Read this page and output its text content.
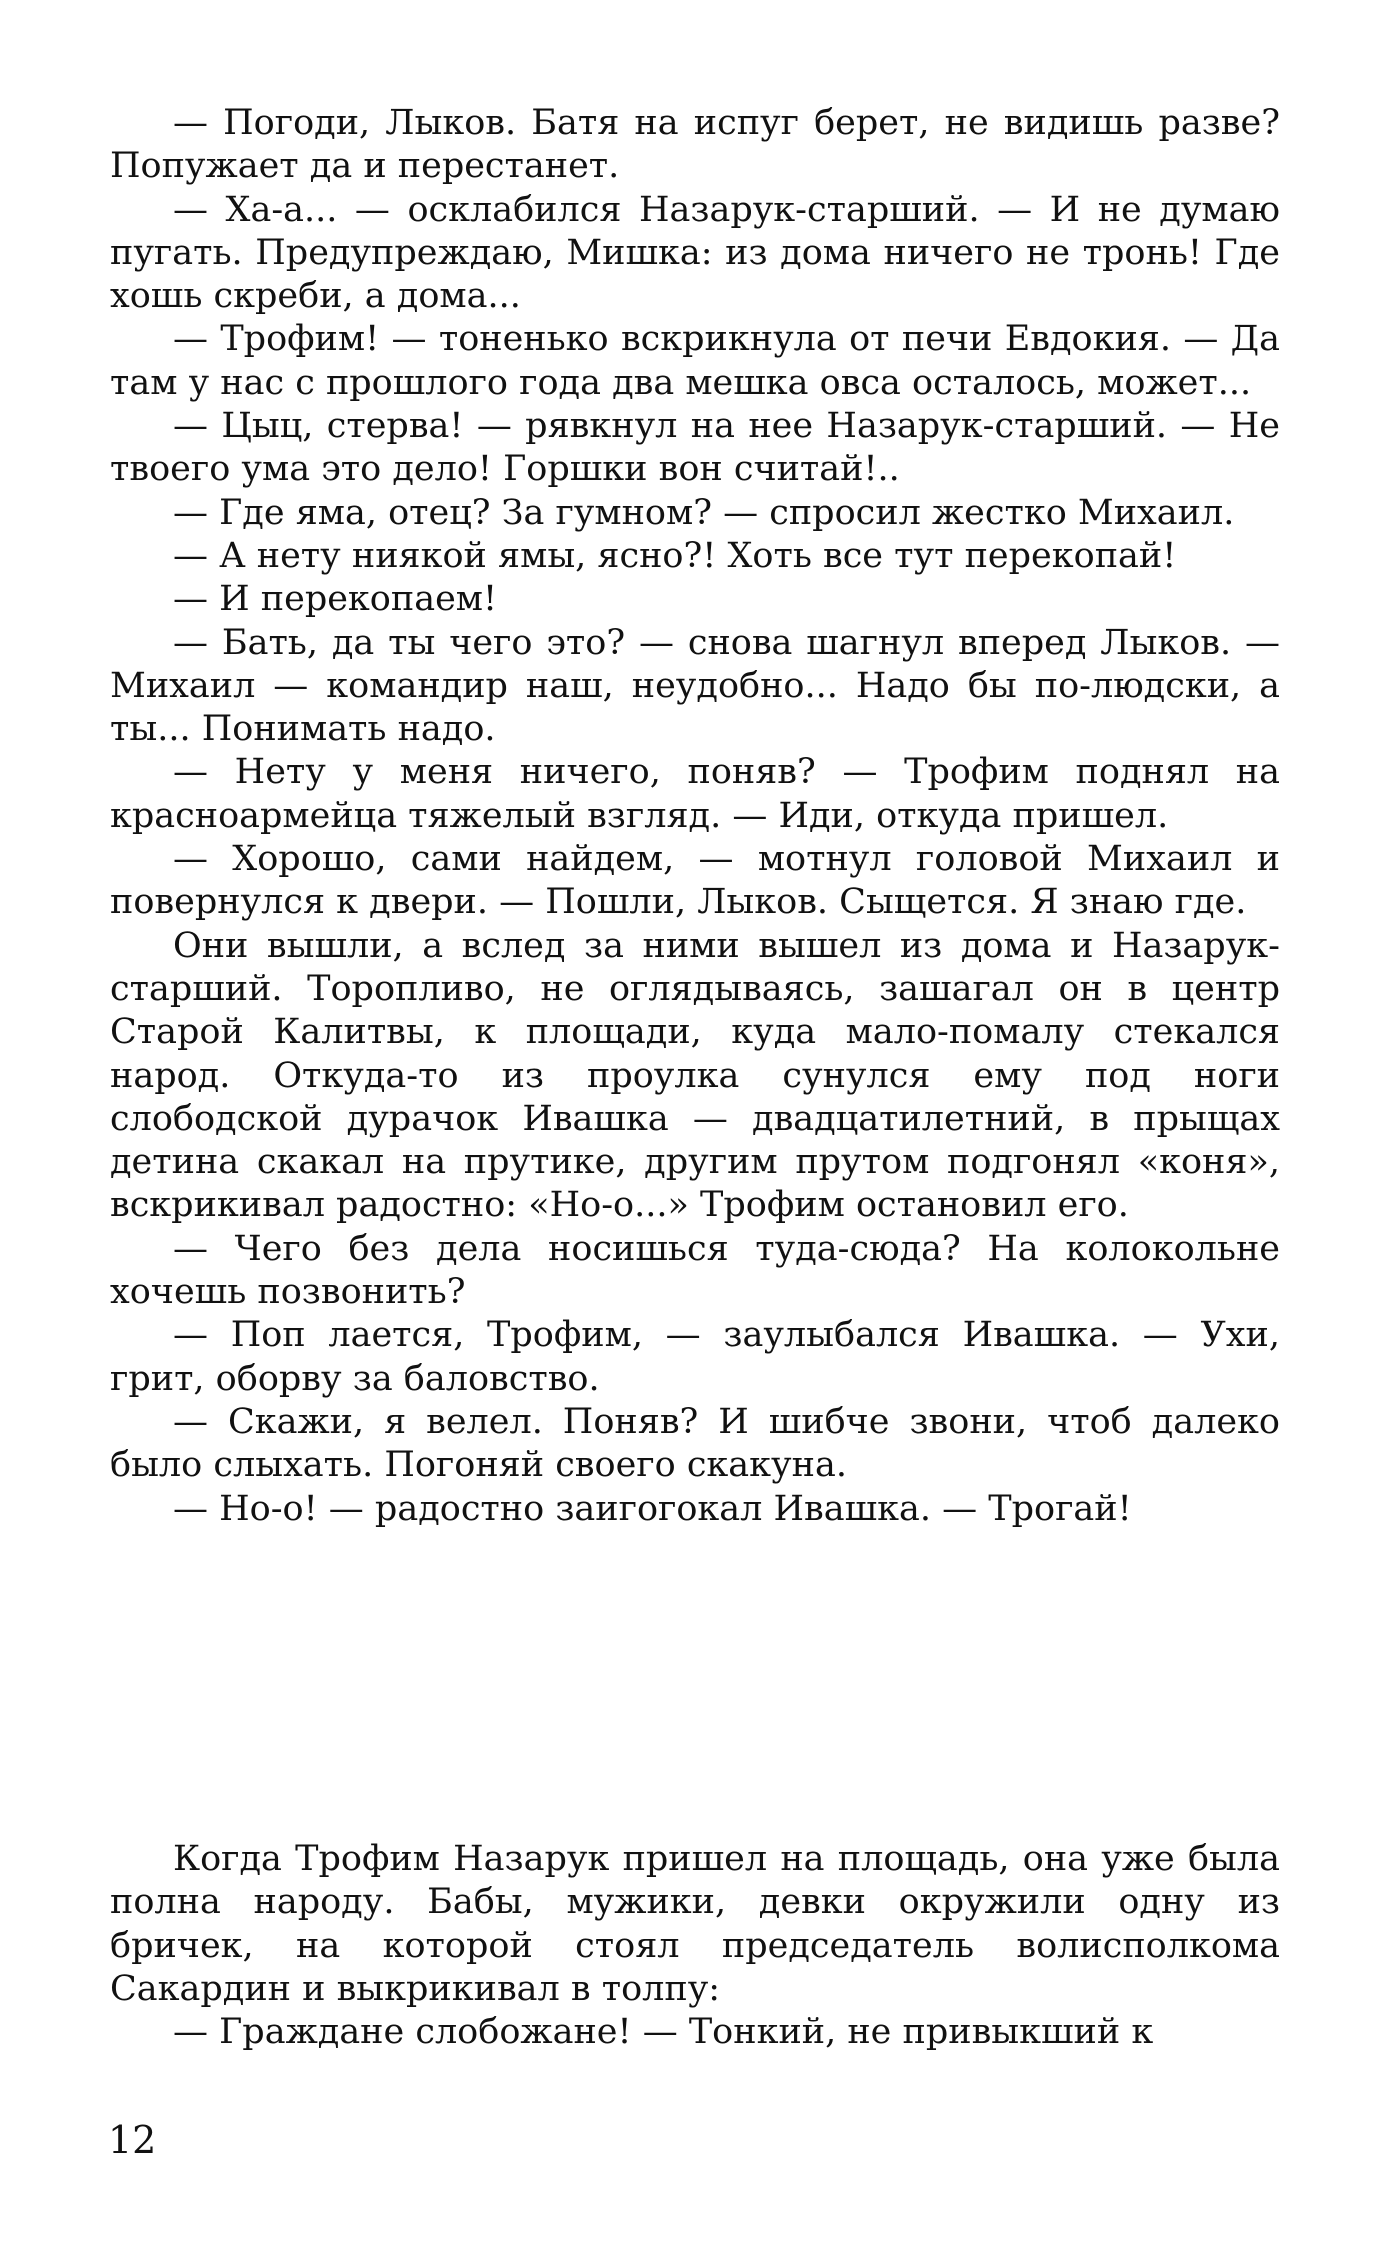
— Погоди, Лыков. Батя на испуг берет, не видишь разве? Попужает да и перестанет.

— Ха-а... — осклабился Назарук-старший. — И не думаю пугать. Предупреждаю, Мишка: из дома ничего не тронь! Где хошь скреби, а дома...

— Трофим! — тоненько вскрикнула от печи Евдокия. — Да там у нас с прошлого года два мешка овса осталось, может...

— Цыц, стерва! — рявкнул на нее Назарук-старший. — Не твоего ума это дело! Горшки вон считай!..

— Где яма, отец? За гумном? — спросил жестко Михаил.

— А нету ниякой ямы, ясно?! Хоть все тут перекопай!

— И перекопаем!

— Бать, да ты чего это? — снова шагнул вперед Лыков. — Михаил — командир наш, неудобно... Надо бы по-людски, а ты... Понимать надо.

— Нету у меня ничего, поняв? — Трофим поднял на красноармейца тяжелый взгляд. — Иди, откуда пришел.

— Хорошо, сами найдем, — мотнул головой Михаил и повернулся к двери. — Пошли, Лыков. Сыщется. Я знаю где.

Они вышли, а вслед за ними вышел из дома и Назарук-старший. Торопливо, не оглядываясь, зашагал он в центр Старой Калитвы, к площади, куда мало-помалу стекался народ. Откуда-то из проулка сунулся ему под ноги слободской дурачок Ивашка — двадцатилетний, в прыщах детина скакал на прутике, другим прутом подгонял «коня», вскрикивал радостно: «Но-о...» Трофим остановил его.

— Чего без дела носишься туда-сюда? На колокольне хочешь позвонить?

— Поп лается, Трофим, — заулыбался Ивашка. — Ухи, грит, оборву за баловство.

— Скажи, я велел. Поняв? И шибче звони, чтоб далеко было слыхать. Погоняй своего скакуна.

— Но-о! — радостно заигогокал Ивашка. — Трогай!

Когда Трофим Назарук пришел на площадь, она уже была полна народу. Бабы, мужики, девки окружили одну из бричек, на которой стоял председатель волисполкома Сакардин и выкрикивал в толпу:

— Граждане слобожане! — Тонкий, не привыкший к

12
